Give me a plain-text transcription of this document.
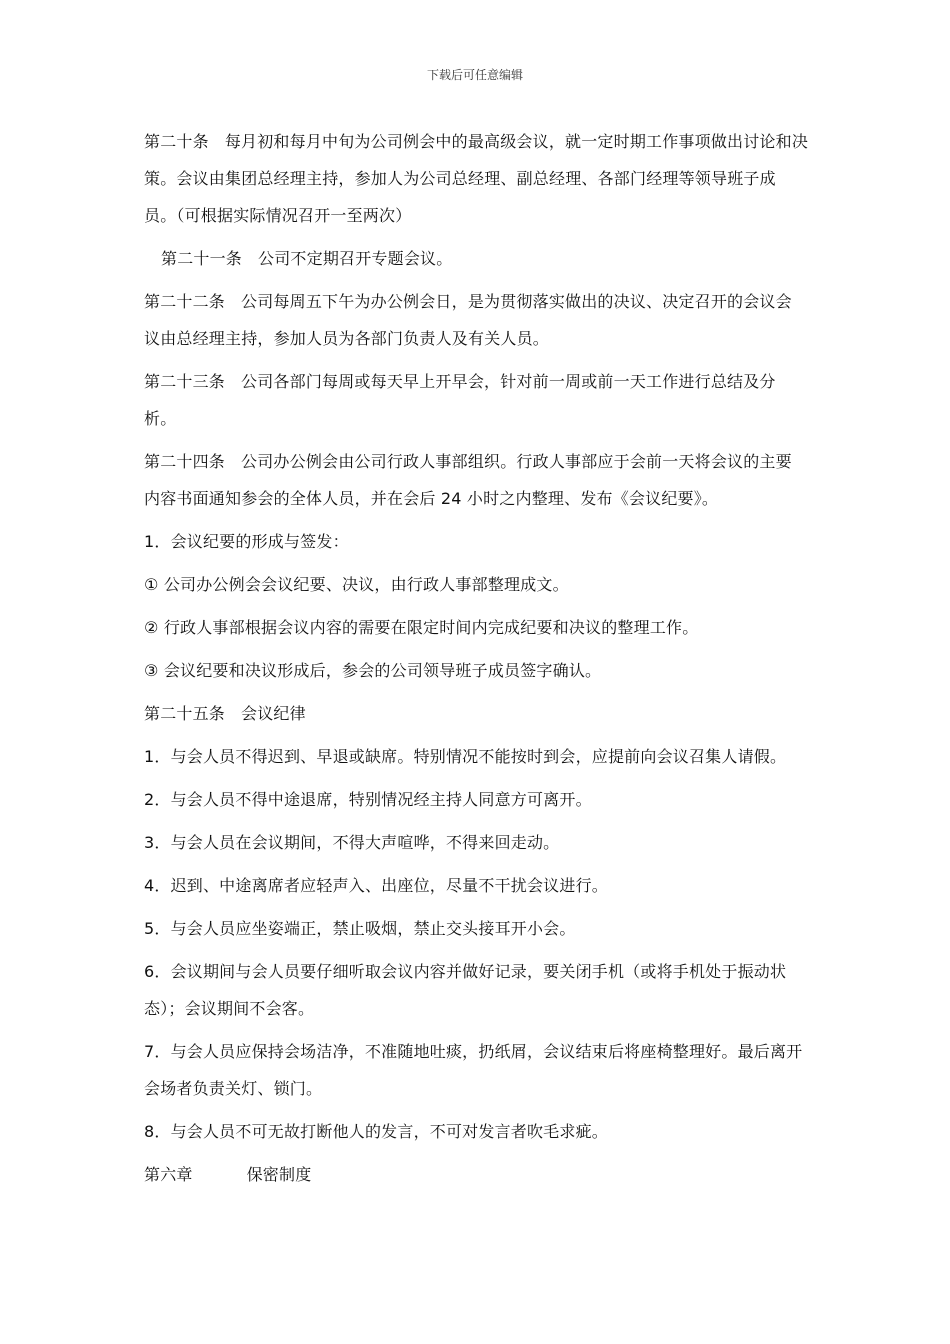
下载后可任意编辑

第二十条 每月初和每月中旬为公司例会中的最高级会议，就一定时期工作事项做出讨论和决策。会议由集团总经理主持，参加人为公司总经理、副总经理、各部门经理等领导班子成员。（可根据实际情况召开一至两次）

第二十一条 公司不定期召开专题会议。

第二十二条 公司每周五下午为办公例会日，是为贯彻落实做出的决议、决定召开的会议会议由总经理主持，参加人员为各部门负责人及有关人员。

第二十三条 公司各部门每周或每天早上开早会，针对前一周或前一天工作进行总结及分析。

第二十四条 公司办公例会由公司行政人事部组织。行政人事部应于会前一天将会议的主要内容书面通知参会的全体人员，并在会后 24 小时之内整理、发布《会议纪要》。

1．会议纪要的形成与签发：

① 公司办公例会会议纪要、决议，由行政人事部整理成文。

② 行政人事部根据会议内容的需要在限定时间内完成纪要和决议的整理工作。

③ 会议纪要和决议形成后，参会的公司领导班子成员签字确认。

第二十五条 会议纪律

1．与会人员不得迟到、早退或缺席。特别情况不能按时到会，应提前向会议召集人请假。

2．与会人员不得中途退席，特别情况经主持人同意方可离开。

3．与会人员在会议期间，不得大声喧哗，不得来回走动。

4．迟到、中途离席者应轻声入、出座位，尽量不干扰会议进行。

5．与会人员应坐姿端正，禁止吸烟，禁止交头接耳开小会。

6．会议期间与会人员要仔细听取会议内容并做好记录，要关闭手机（或将手机处于振动状态）；会议期间不会客。

7．与会人员应保持会场洁净，不准随地吐痰，扔纸屑，会议结束后将座椅整理好。最后离开会场者负责关灯、锁门。

8．与会人员不可无故打断他人的发言，不可对发言者吹毛求疵。

第六章	保密制度
